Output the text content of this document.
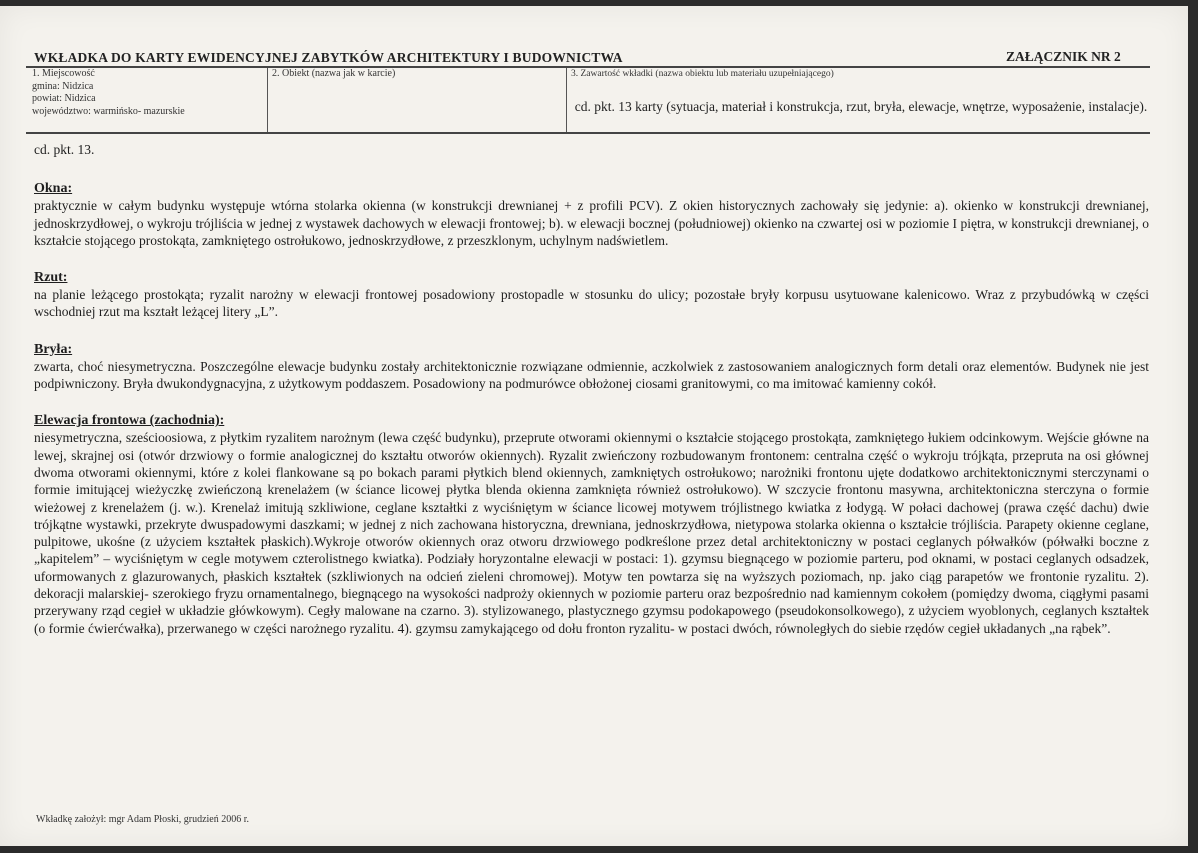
WKŁADKA DO KARTY EWIDENCYJNEJ ZABYTKÓW ARCHITEKTURY I BUDOWNICTWA	ZAŁĄCZNIK NR 2
1. Miejscowość
gmina: Nidzica
powiat: Nidzica
województwo: warmińsko- mazurskie
2. Obiekt (nazwa jak w karcie)	3. Zawartość wkładki (nazwa obiektu lub materiału uzupełniającego)
cd. pkt. 13 karty (sytuacja, materiał i konstrukcja, rzut, bryła, elewacje, wnętrze, wyposażenie, instalacje).
cd. pkt. 13.
Okna:
praktycznie w całym budynku występuje wtórna stolarka okienna (w konstrukcji drewnianej + z profili PCV). Z okien historycznych zachowały się jedynie: a). okienko w konstrukcji drewnianej, jednoskrzydłowej, o wykroju trójliścia w jednej z wystawek dachowych w elewacji frontowej; b). w elewacji bocznej (południowej) okienko na czwartej osi w poziomie I piętra, w konstrukcji drewnianej, o kształcie stojącego prostokąta, zamkniętego ostrołukowo, jednoskrzydłowe, z przeszklonym, uchylnym nadświetlem.
Rzut:
na planie leżącego prostokąta; ryzalit narożny w elewacji frontowej posadowiony prostopadle w stosunku do ulicy; pozostałe bryły korpusu usytuowane kalenicowo. Wraz z przybudówką w części wschodniej rzut ma kształt leżącej litery „L”.
Bryła:
zwarta, choć niesymetryczna. Poszczególne elewacje budynku zostały architektonicznie rozwiązane odmiennie, aczkolwiek z zastosowaniem analogicznych form detali oraz elementów. Budynek nie jest podpiwniczony. Bryła dwukondygnacyjna, z użytkowym poddaszem. Posadowiony na podmurówce obłożonej ciosami granitowymi, co ma imitować kamienny cokół.
Elewacja frontowa (zachodnia):
niesymetryczna, sześcioosiowa, z płytkim ryzalitem narożnym (lewa część budynku), przeprute otworami okiennymi o kształcie stojącego prostokąta, zamkniętego łukiem odcinkowym. Wejście główne na lewej, skrajnej osi (otwór drzwiowy o formie analogicznej do kształtu otworów okiennych). Ryzalit zwieńczony rozbudowanym frontonem: centralna część o wykroju trójkąta, przeprutа na osi głównej dwoma otworami okiennymi, które z kolei flankowane są po bokach parami płytkich blend okiennych, zamkniętych ostrołukowo; narożniki frontonu ujęte dodatkowo architektonicznymi sterczynami o formie imitującej wieżyczkę zwieńczoną krenelażem (w ściance licowej płytka blenda okienna zamknięta również ostrołukowo). W szczycie frontonu masywna, architektoniczna sterczyna o formie wieżowej z krenelażem (j. w.). Krenelaż imitują szkliwione, ceglane kształtki z wyciśniętym w ściance licowej motywem trójlistnego kwiatka z łodygą. W połaci dachowej (prawa część dachu) dwie trójkątne wystawki, przekryte dwuspadowymi daszkami; w jednej z nich zachowana historyczna, drewniana, jednoskrzydłowa, nietypowa stolarka okienna o kształcie trójliścia. Parapety okienne ceglane, pulpitowe, ukośne (z użyciem kształtek płaskich).Wykroje otworów okiennych oraz otworu drzwiowego podkreślone przez detal architektoniczny w postaci ceglanych półwałków (półwałki boczne z „kapitelem” – wyciśniętym w cegle motywem czterolistnego kwiatka). Podziały horyzontalne elewacji w postaci: 1). gzymsu biegnącego w poziomie parteru, pod oknami, w postaci ceglanych odsadzek, uformowanych z glazurowanych, płaskich kształtek (szkliwionych na odcień zieleni chromowej). Motyw ten powtarza się na wyższych poziomach, np. jako ciąg parapetów we frontonie ryzalitu. 2). dekoracji malarskiej- szerokiego fryzu ornamentalnego, biegnącego na wysokości nadproży okiennych w poziomie parteru oraz bezpośrednio nad kamiennym cokołem (pomiędzy dwoma, ciągłymi pasami przerywany rząd cegieł w układzie główkowym). Cegły malowane na czarno. 3). stylizowanego, plastycznego gzymsu podokapowego (pseudokonsolkowego), z użyciem wyoblonych, ceglanych kształtek (o formie ćwierćwałka), przerwanego w części narożnego ryzalitu. 4). gzymsu zamykającego od dołu fronton ryzalitu- w postaci dwóch, równoległych do siebie rzędów cegieł układanych „na rąbek”.
Wkładkę założył: mgr Adam Płoski, grudzień 2006 r.
